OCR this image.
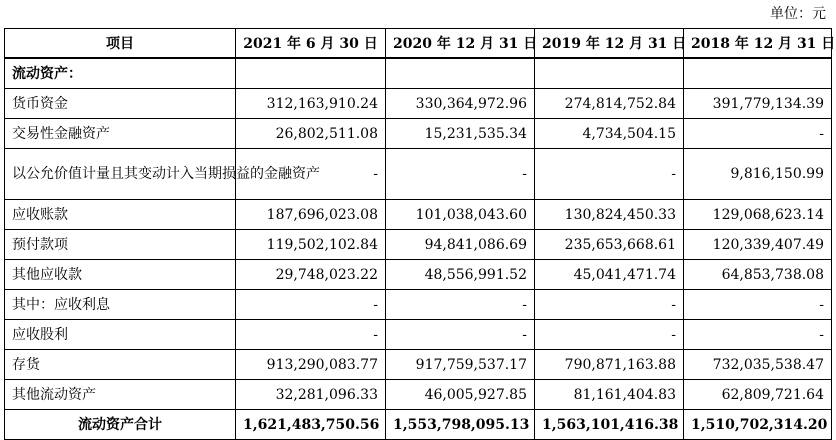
单位：元
项目	2021 年 6 月 30 日	2020 年 12 月 31 日	2019 年 12 月 31 日	2018 年 12 月 31 日
流动资产：				
货币资金	312,163,910.24	330,364,972.96	274,814,752.84	391,779,134.39
交易性金融资产	26,802,511.08	15,231,535.34	4,734,504.15	-
以公允价值计量且其变动计入当期损益的金融资产	-	-	-	9,816,150.99
应收账款	187,696,023.08	101,038,043.60	130,824,450.33	129,068,623.14
预付款项	119,502,102.84	94,841,086.69	235,653,668.61	120,339,407.49
其他应收款	29,748,023.22	48,556,991.52	45,041,471.74	64,853,738.08
其中：应收利息	-	-	-	-
应收股利	-	-	-	-
存货	913,290,083.77	917,759,537.17	790,871,163.88	732,035,538.47
其他流动资产	32,281,096.33	46,005,927.85	81,161,404.83	62,809,721.64
流动资产合计	1,621,483,750.56	1,553,798,095.13	1,563,101,416.38	1,510,702,314.20
